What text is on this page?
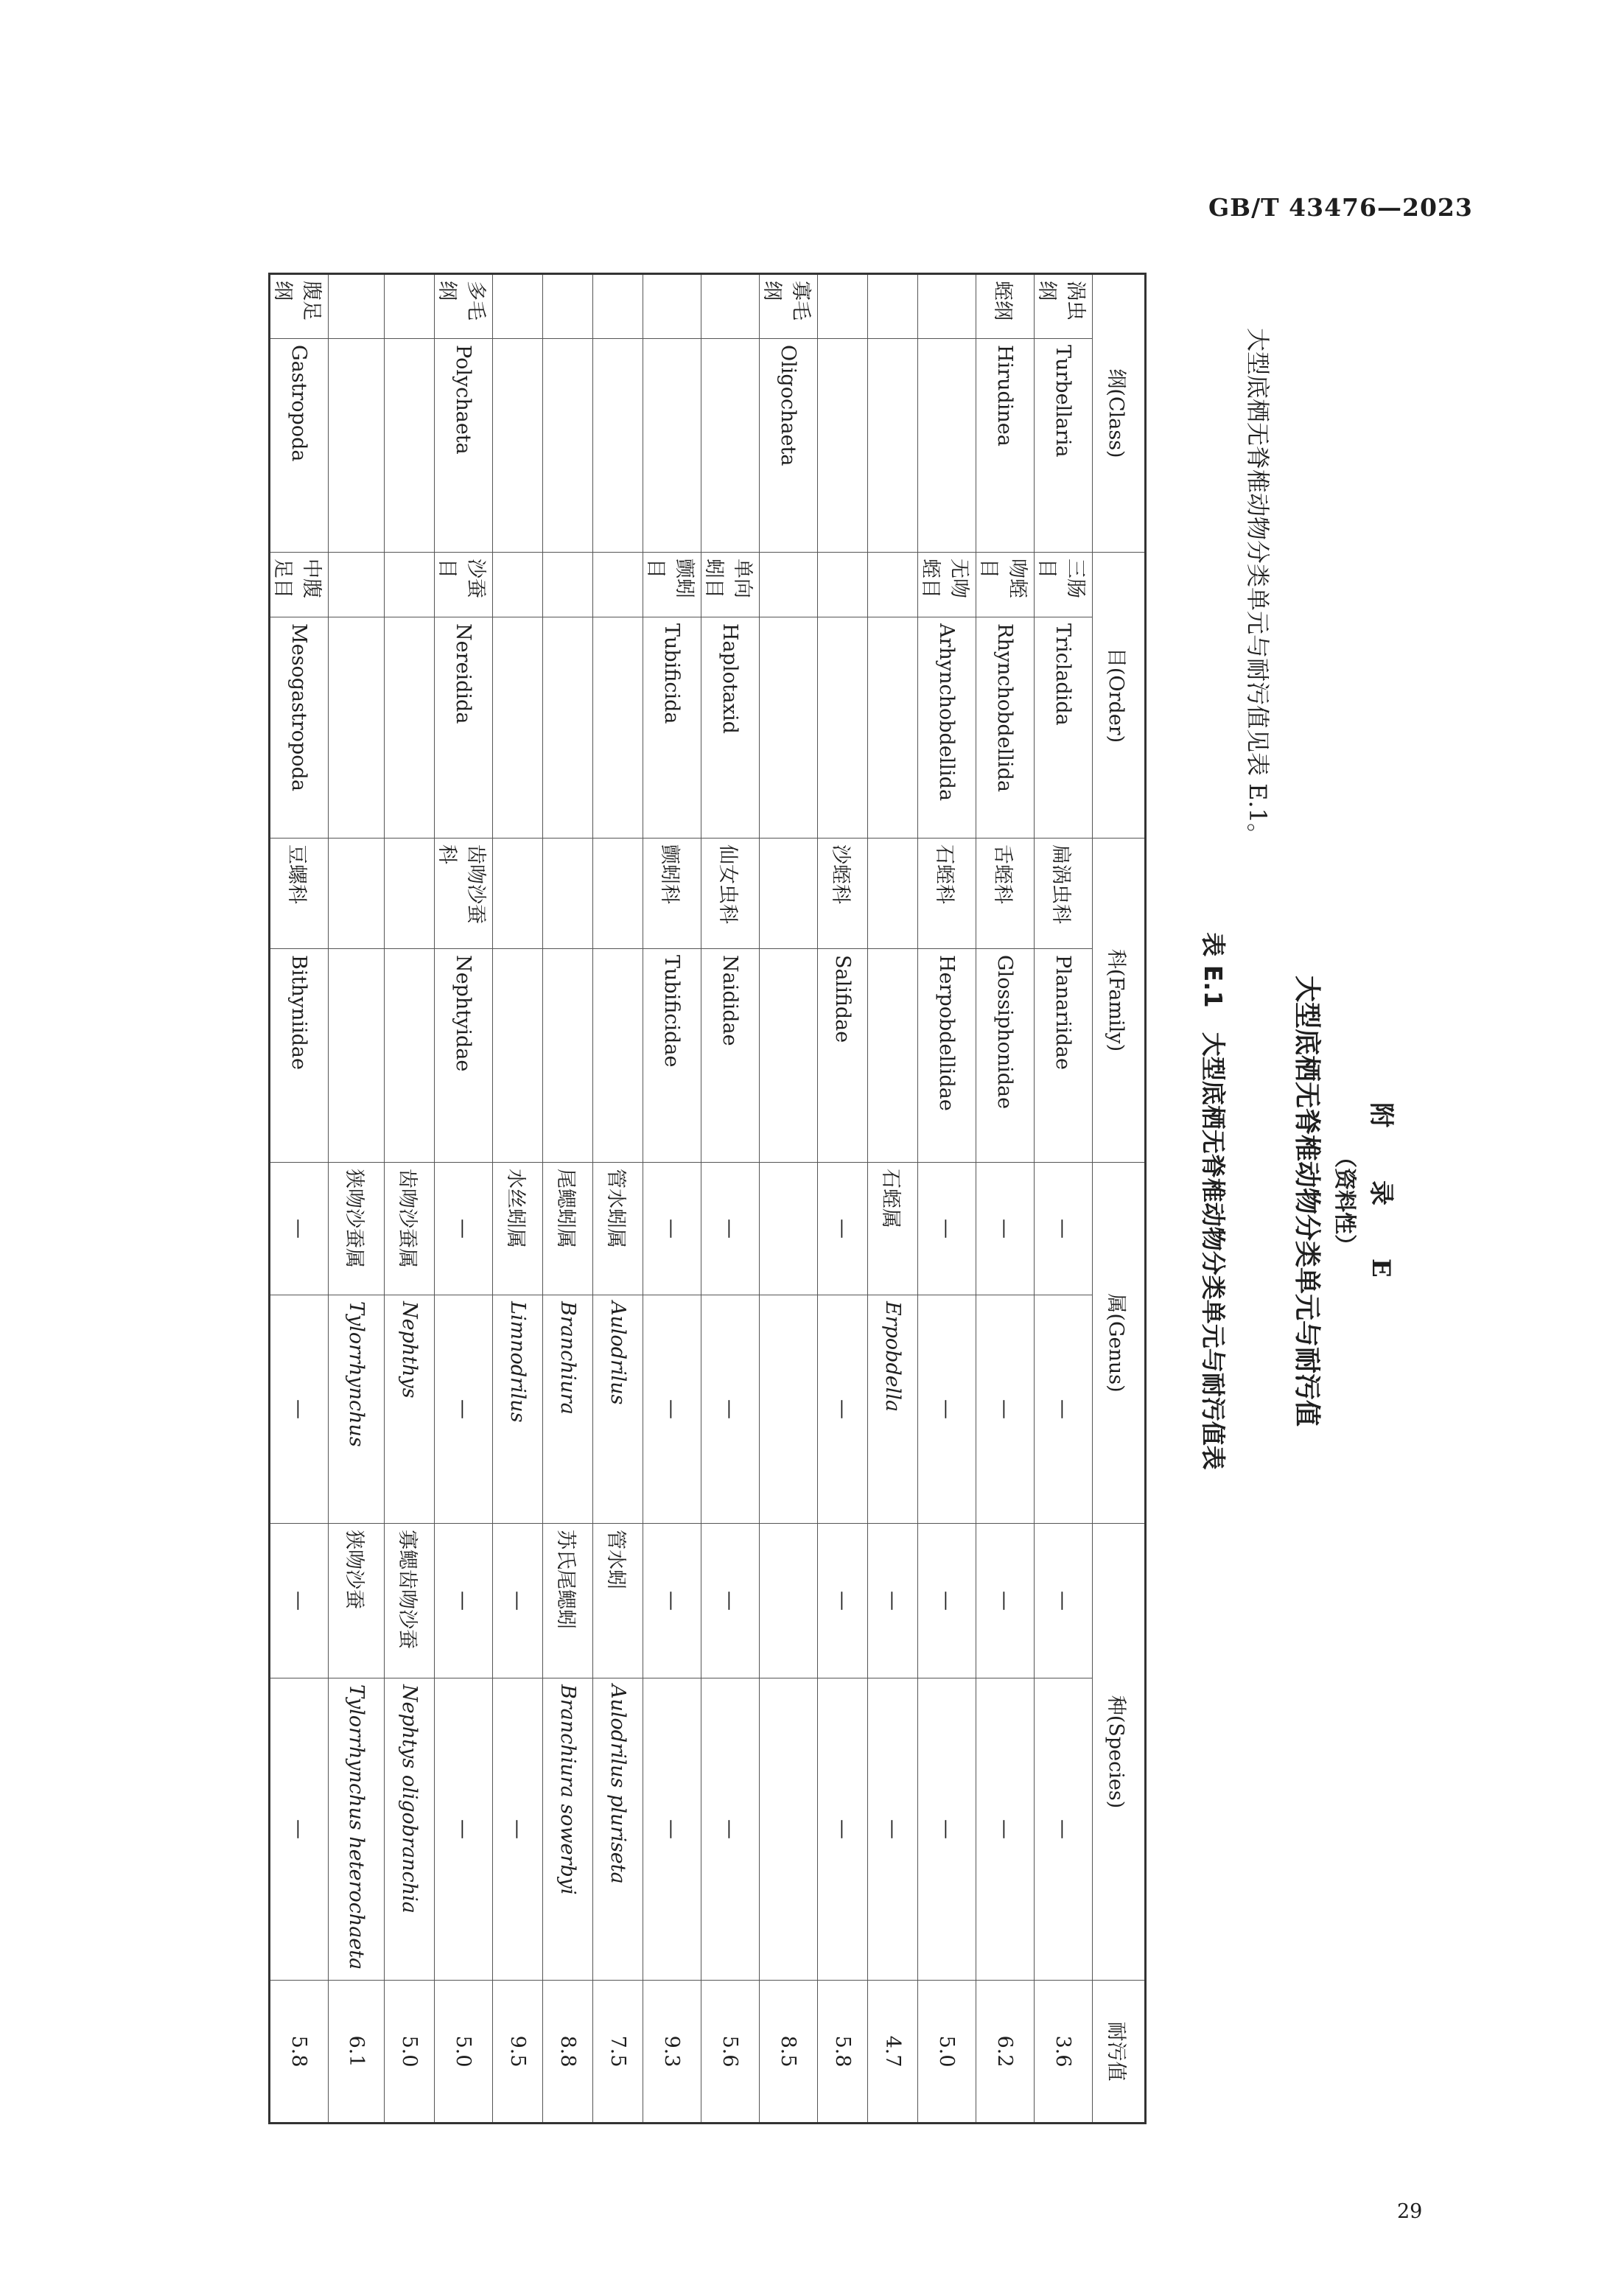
GB/T 43476—2023
29
附 录 E
（资料性）
大型底栖无脊椎动物分类单元与耐污值
大型底栖无脊椎动物分类单元与耐污值见表 E.1。
表 E.1　大型底栖无脊椎动物分类单元与耐污值表
纲(Class)		目(Order)		科(Family)		属(Genus)		种(Species)		耐污值
涡虫纲	Turbellaria	三肠目	Tricladida	扁涡虫科	Planariidae	—	—	—	—	3.6
蛭纲	Hirudinea	吻蛭目	Rhynchobdellida	舌蛭科	Glossiphonidae	—	—	—	—	6.2
		无吻蛭目	Arhynchobdellida	石蛭科	Herpobdellidae	—	—	—	—	5.0
						石蛭属	Erpobdella	—	—	4.7
				沙蛭科	Salifidae	—	—	—	—	5.8
寡毛纲	Oligochaeta									8.5
		单向蚓目	Haplotaxid	仙女虫科	Naididae	—	—	—	—	5.6
		颤蚓目	Tubificida	颤蚓科	Tubificidae	—	—	—	—	9.3
						管水蚓属	Aulodrilus	管水蚓	Aulodrilus pluriseta	7.5
						尾鳃蚓属	Branchiura	苏氏尾鳃蚓	Branchiura sowerbyi	8.8
						水丝蚓属	Limnodrilus	—	—	9.5
多毛纲	Polychaeta	沙蚕目	Nereidida	齿吻沙蚕科	Nephtyidae	—	—	—	—	5.0
						齿吻沙蚕属	Nephthys	寡鳃齿吻沙蚕	Nephtys oligobranchia	5.0
						狭吻沙蚕属	Tylorrhynchus	狭吻沙蚕	Tylorrhynchus heterochaeta	6.1
腹足纲	Gastropoda	中腹足目	Mesogastropoda	豆螺科	Bithyniidae	—	—	—	—	5.8
